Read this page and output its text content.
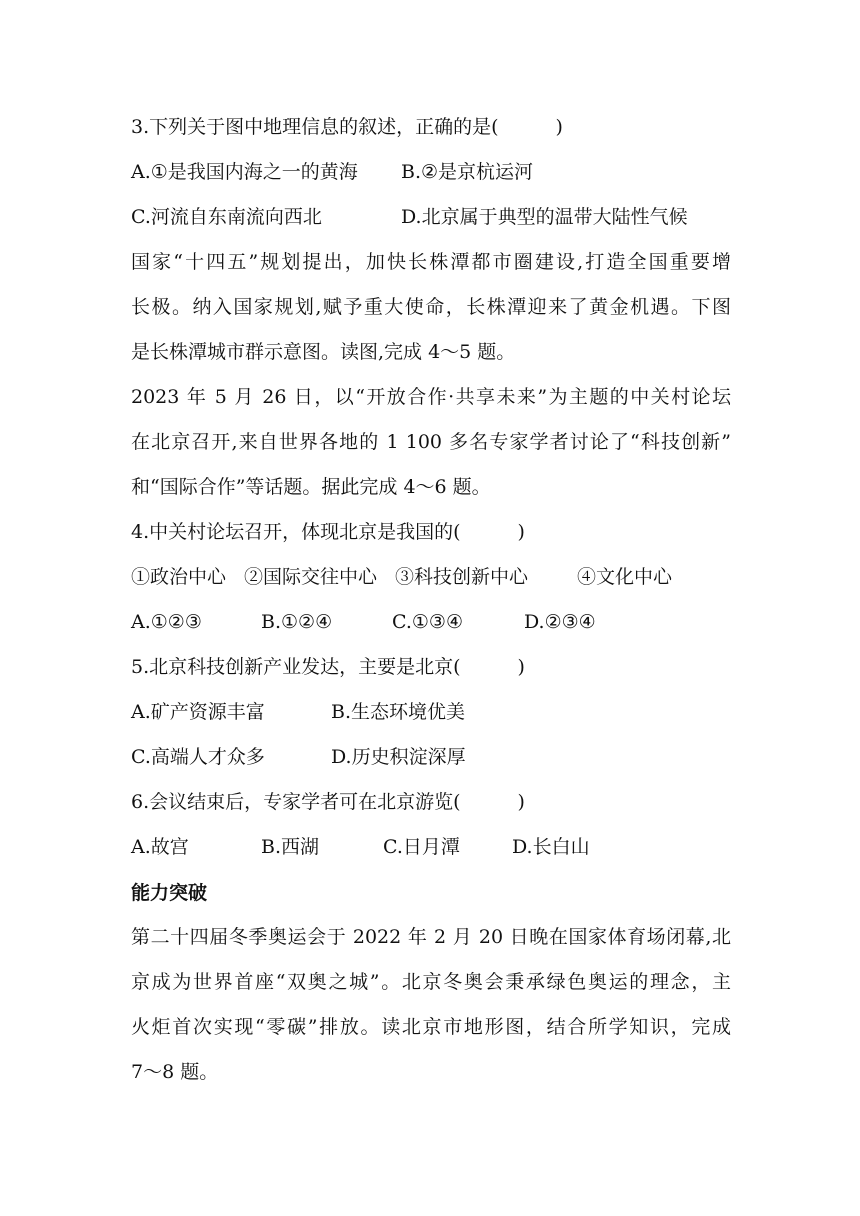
3.下列关于图中地理信息的叙述，正确的是(　　　)
A.①是我国内海之一的黄海 B.②是京杭运河
C.河流自东南流向西北	D.北京属于典型的温带大陆性气候
国家“十四五”规划提出，加快长株潭都市圈建设,打造全国重要增
长极。纳入国家规划,赋予重大使命，长株潭迎来了黄金机遇。下图
是长株潭城市群示意图。读图,完成 4～5 题。
2023 年 5 月 26 日，以“开放合作·共享未来”为主题的中关村论坛
在北京召开,来自世界各地的 1 100 多名专家学者讨论了“科技创新”
和“国际合作”等话题。据此完成 4～6 题。
4.中关村论坛召开，体现北京是我国的(　　　)
①政治中心 ②国际交往中心 ③科技创新中心	④文化中心
A.①②③	B.①②④	C.①③④	D.②③④
5.北京科技创新产业发达，主要是北京(　　　)
A.矿产资源丰富	B.生态环境优美
C.高端人才众多	D.历史积淀深厚
6.会议结束后，专家学者可在北京游览(　　　)
A.故宫	B.西湖	C.日月潭	D.长白山
能力突破
第二十四届冬季奥运会于 2022 年 2 月 20 日晚在国家体育场闭幕,北
京成为世界首座“双奥之城”。北京冬奥会秉承绿色奥运的理念，主
火炬首次实现“零碳”排放。读北京市地形图，结合所学知识，完成
7～8 题。
